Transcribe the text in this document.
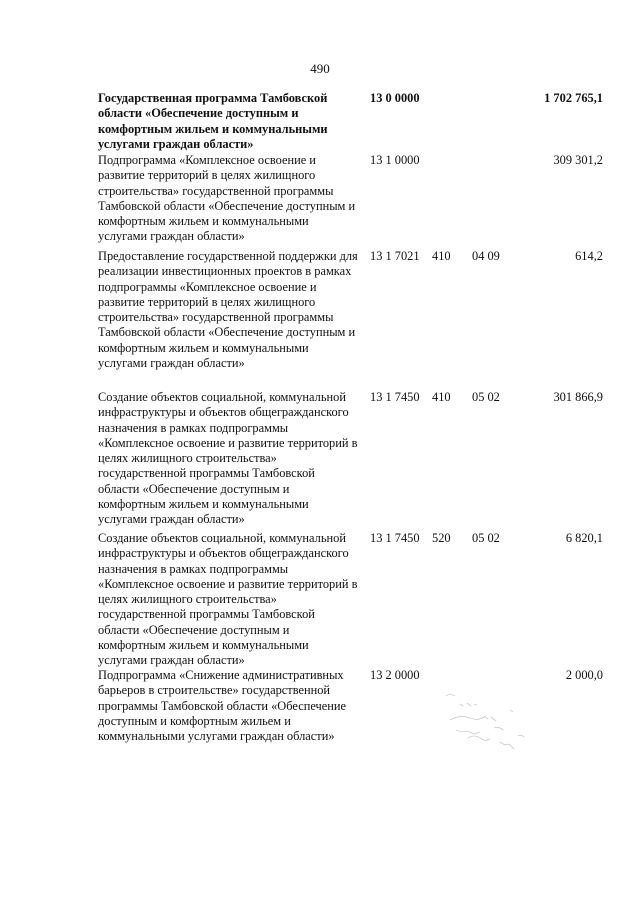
490
Государственная программа Тамбовской области «Обеспечение доступным и комфортным жильем и коммунальными услугами граждан области»
13 0 0000	1 702 765,1
Подпрограмма «Комплексное освоение и развитие территорий в целях жилищного строительства» государственной программы Тамбовской области «Обеспечение доступным и комфортным жильем и коммунальными услугами граждан области»
13 1 0000	309 301,2
Предоставление государственной поддержки для реализации инвестиционных проектов в рамках подпрограммы «Комплексное освоение и развитие территорий в целях жилищного строительства» государственной программы Тамбовской области «Обеспечение доступным и комфортным жильем и коммунальными услугами граждан области»
13 1 7021 410 04 09	614,2
Создание объектов социальной, коммунальной инфраструктуры и объектов общегражданского назначения в рамках подпрограммы «Комплексное освоение и развитие территорий в целях жилищного строительства» государственной программы Тамбовской области «Обеспечение доступным и комфортным жильем и коммунальными услугами граждан области»
13 1 7450 410 05 02	301 866,9
Создание объектов социальной, коммунальной инфраструктуры и объектов общегражданского назначения в рамках подпрограммы «Комплексное освоение и развитие территорий в целях жилищного строительства» государственной программы Тамбовской области «Обеспечение доступным и комфортным жильем и коммунальными услугами граждан области»
13 1 7450 520 05 02	6 820,1
Подпрограмма «Снижение административных барьеров в строительстве» государственной программы Тамбовской области «Обеспечение доступным и комфортным жильем и коммунальными услугами граждан области»
13 2 0000	2 000,0
